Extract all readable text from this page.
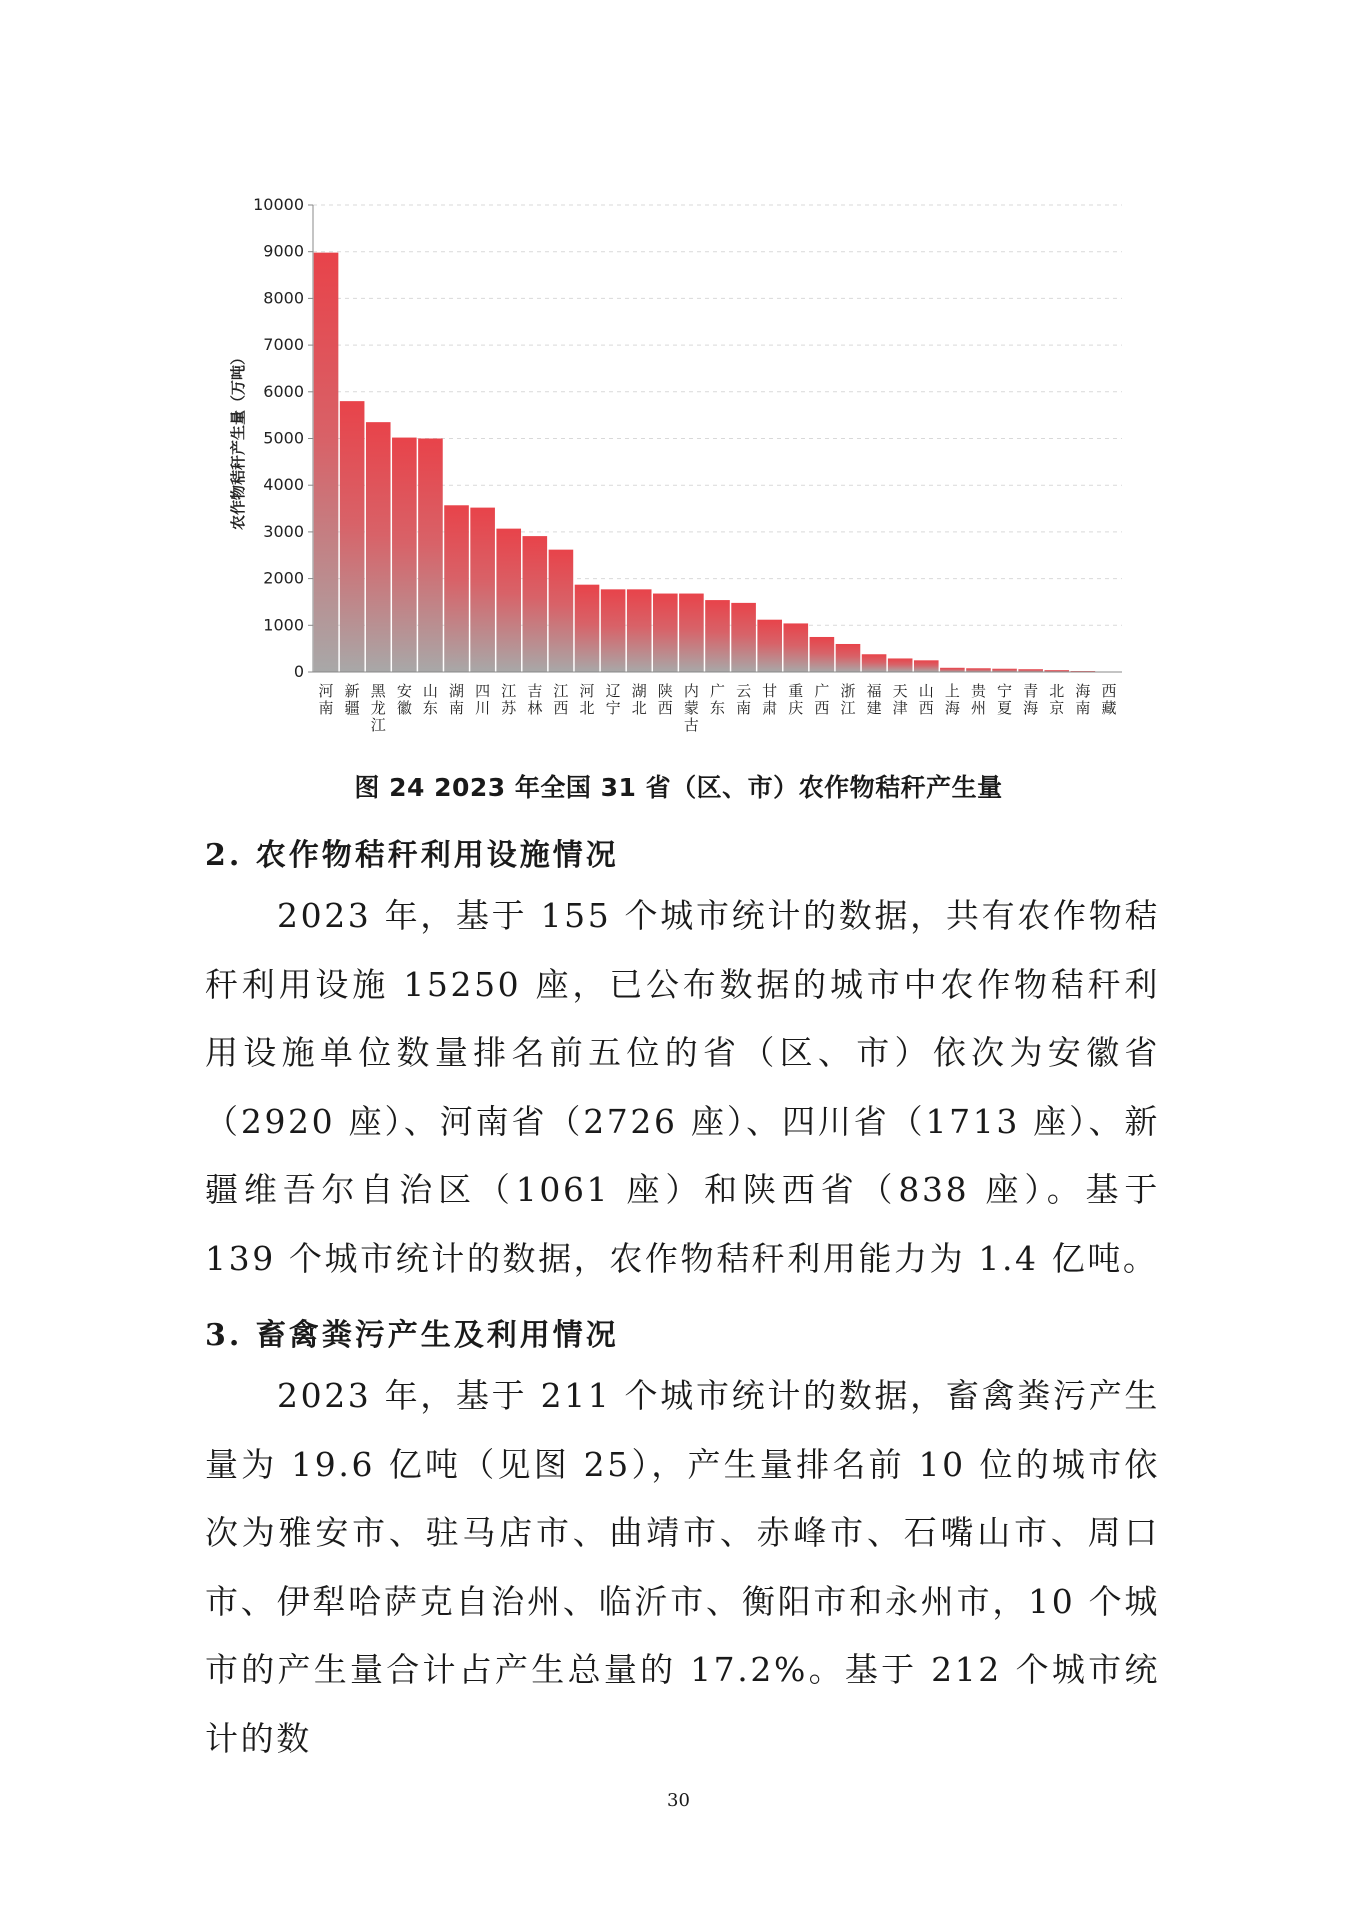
0
1000
2000
3000
4000
5000
6000
7000
8000
9000
10000
河南
新疆
黑龙江
安徽
山东
湖南
四川
江苏
吉林
江西
河北
辽宁
湖北
陕西
内蒙古
广东
云南
甘肃
重庆
广西
浙江
福建
天津
山西
上海
贵州
宁夏
青海
北京
海南
西藏
农作物秸秆产生量（万吨）
图 24 2023 年全国 31 省（区、市）农作物秸秆产生量
2. 农作物秸秆利用设施情况

2023 年，基于 155 个城市统计的数据，共有农作物秸秆利用设施 15250 座，已公布数据的城市中农作物秸秆利用设施单位数量排名前五位的省（区、市）依次为安徽省（2920 座）、河南省（2726 座）、四川省（1713 座）、新疆维吾尔自治区（1061 座）和陕西省（838 座）。基于 139 个城市统计的数据，农作物秸秆利用能力为 1.4 亿吨。

3. 畜禽粪污产生及利用情况

2023 年，基于 211 个城市统计的数据，畜禽粪污产生量为 19.6 亿吨（见图 25），产生量排名前 10 位的城市依次为雅安市、驻马店市、曲靖市、赤峰市、石嘴山市、周口市、伊犁哈萨克自治州、临沂市、衡阳市和永州市，10 个城市的产生量合计占产生总量的 17.2%。基于 212 个城市统计的数

30
